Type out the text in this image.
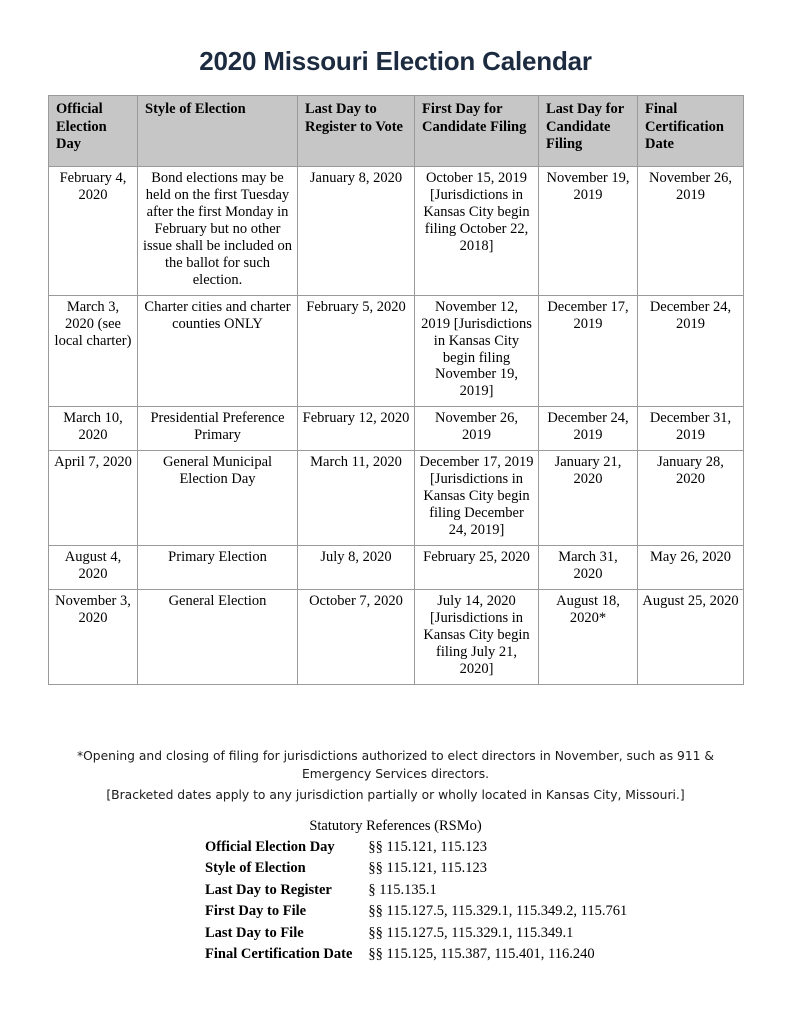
2020 Missouri Election Calendar
Official Election Day	Style of Election	Last Day to Register to Vote	First Day for Candidate Filing	Last Day for Candidate Filing	Final Certification Date
February 4, 2020	Bond elections may be held on the first Tuesday after the first Monday in February but no other issue shall be included on the ballot for such election.	January 8, 2020	October 15, 2019 [Jurisdictions in Kansas City begin filing October 22, 2018]	November 19, 2019	November 26, 2019
March 3, 2020 (see local charter)	Charter cities and charter counties ONLY	February 5, 2020	November 12, 2019 [Jurisdictions in Kansas City begin filing November 19, 2019]	December 17, 2019	December 24, 2019
March 10, 2020	Presidential Preference Primary	February 12, 2020	November 26, 2019	December 24, 2019	December 31, 2019
April 7, 2020	General Municipal Election Day	March 11, 2020	December 17, 2019 [Jurisdictions in Kansas City begin filing December 24, 2019]	January 21, 2020	January 28, 2020
August 4, 2020	Primary Election	July 8, 2020	February 25, 2020	March 31, 2020	May 26, 2020
November 3, 2020	General Election	October 7, 2020	July 14, 2020 [Jurisdictions in Kansas City begin filing July 21, 2020]	August 18, 2020*	August 25, 2020
*Opening and closing of filing for jurisdictions authorized to elect directors in November, such as 911 & Emergency Services directors.
[Bracketed dates apply to any jurisdiction partially or wholly located in Kansas City, Missouri.]
Statutory References (RSMo)
Official Election Day	§§ 115.121, 115.123
Style of Election	§§ 115.121, 115.123
Last Day to Register	§ 115.135.1
First Day to File	§§ 115.127.5, 115.329.1, 115.349.2, 115.761
Last Day to File	§§ 115.127.5, 115.329.1, 115.349.1
Final Certification Date	§§ 115.125, 115.387, 115.401, 116.240
